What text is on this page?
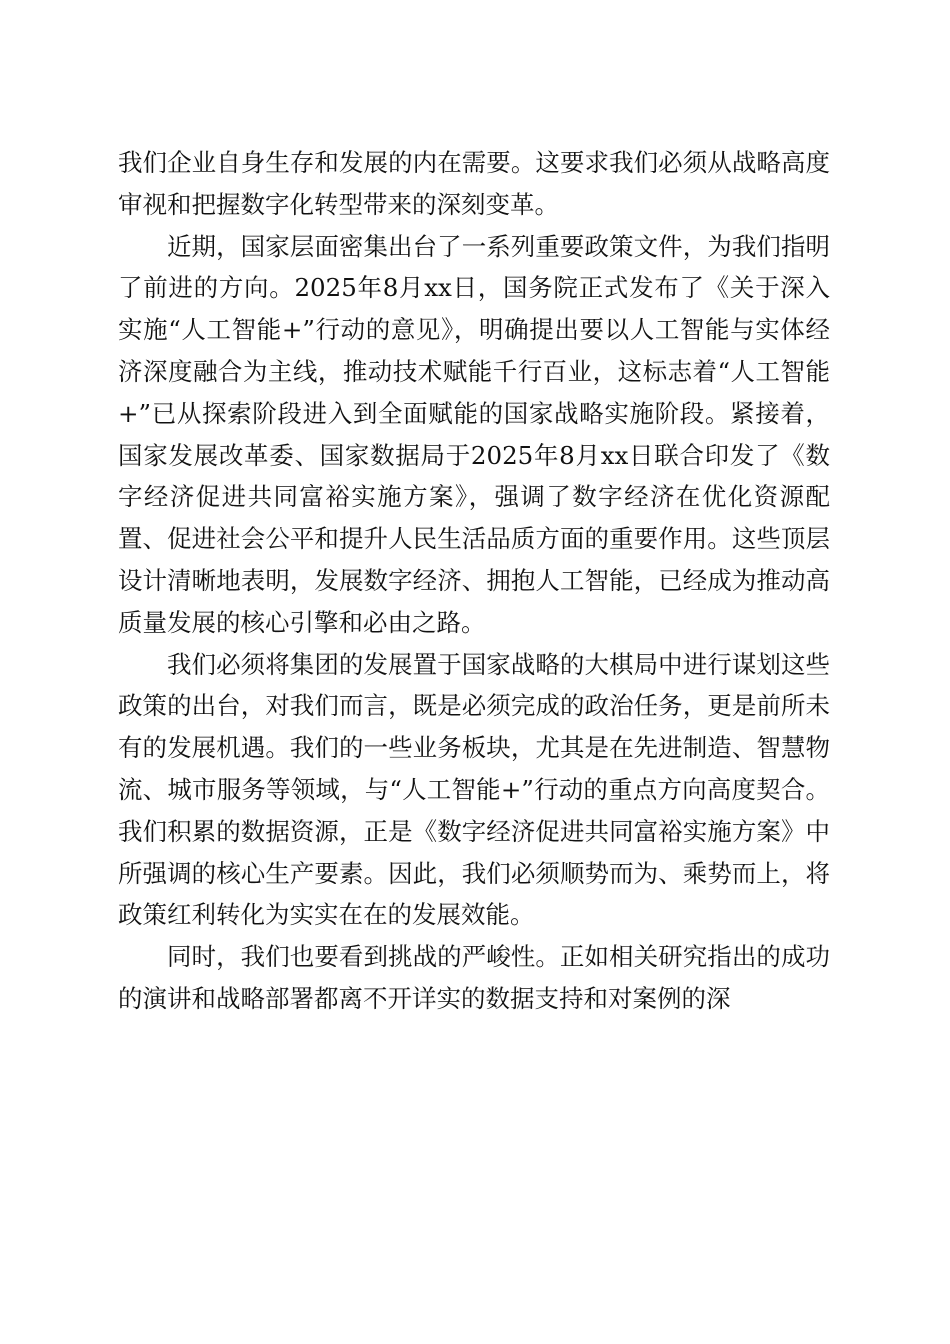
我们企业自身生存和发展的内在需要。这要求我们必须从战略高度审视和把握数字化转型带来的深刻变革。

近期，国家层面密集出台了一系列重要政策文件，为我们指明了前进的方向。2025年8月xx日，国务院正式发布了《关于深入实施“人工智能+”行动的意见》，明确提出要以人工智能与实体经济深度融合为主线，推动技术赋能千行百业，这标志着“人工智能+”已从探索阶段进入到全面赋能的国家战略实施阶段。紧接着，国家发展改革委、国家数据局于2025年8月xx日联合印发了《数字经济促进共同富裕实施方案》，强调了数字经济在优化资源配置、促进社会公平和提升人民生活品质方面的重要作用。这些顶层设计清晰地表明，发展数字经济、拥抱人工智能，已经成为推动高质量发展的核心引擎和必由之路。

我们必须将集团的发展置于国家战略的大棋局中进行谋划这些政策的出台，对我们而言，既是必须完成的政治任务，更是前所未有的发展机遇。我们的一些业务板块，尤其是在先进制造、智慧物流、城市服务等领域，与“人工智能+”行动的重点方向高度契合。我们积累的数据资源，正是《数字经济促进共同富裕实施方案》中所强调的核心生产要素。因此，我们必须顺势而为、乘势而上，将政策红利转化为实实在在的发展效能。

同时，我们也要看到挑战的严峻性。正如相关研究指出的成功的演讲和战略部署都离不开详实的数据支持和对案例的深
